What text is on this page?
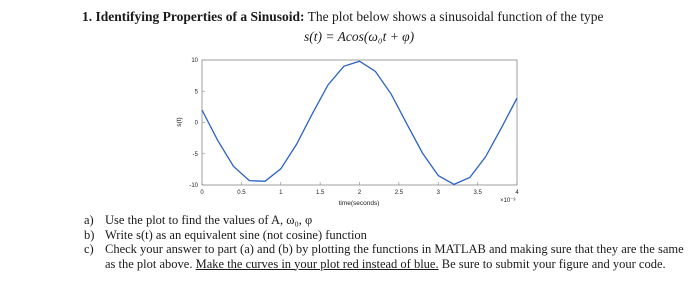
1. Identifying Properties of a Sinusoid: The plot below shows a sinusoidal function of the type
s(t) = Acos(ω₀t + φ)
0	0.5	1	1.5	2	2.5	3	3.5	4
10
5
0
-5
-10
time(seconds)
s(t)
×10⁻³
a) Use the plot to find the values of A, ω₀, φ
b) Write s(t) as an equivalent sine (not cosine) function
c) Check your answer to part (a) and (b) by plotting the functions in MATLAB and making sure that they are the same as the plot above. Make the curves in your plot red instead of blue. Be sure to submit your figure and your code.
